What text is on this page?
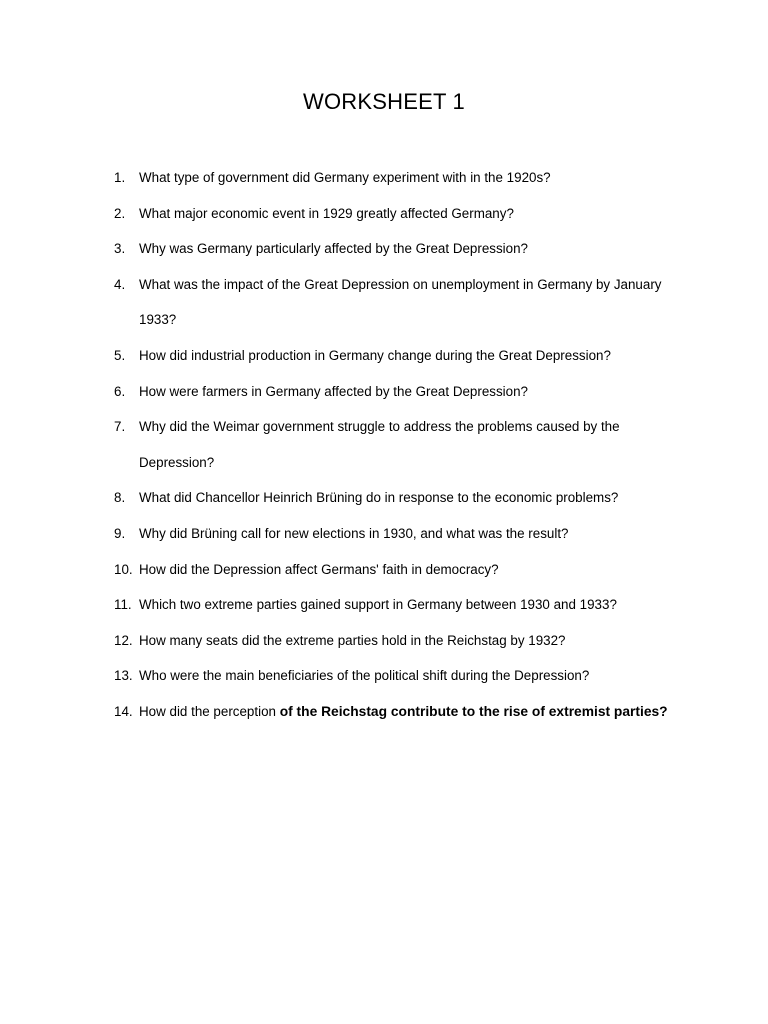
WORKSHEET 1
1.	What type of government did Germany experiment with in the 1920s?
2.	What major economic event in 1929 greatly affected Germany?
3.	Why was Germany particularly affected by the Great Depression?
4.	What was the impact of the Great Depression on unemployment in Germany by January 1933?
5.	How did industrial production in Germany change during the Great Depression?
6.	How were farmers in Germany affected by the Great Depression?
7.	Why did the Weimar government struggle to address the problems caused by the Depression?
8.	What did Chancellor Heinrich Brüning do in response to the economic problems?
9.	Why did Brüning call for new elections in 1930, and what was the result?
10. How did the Depression affect Germans' faith in democracy?
11. Which two extreme parties gained support in Germany between 1930 and 1933?
12. How many seats did the extreme parties hold in the Reichstag by 1932?
13. Who were the main beneficiaries of the political shift during the Depression?
14. How did the perception of the Reichstag contribute to the rise of extremist parties?
